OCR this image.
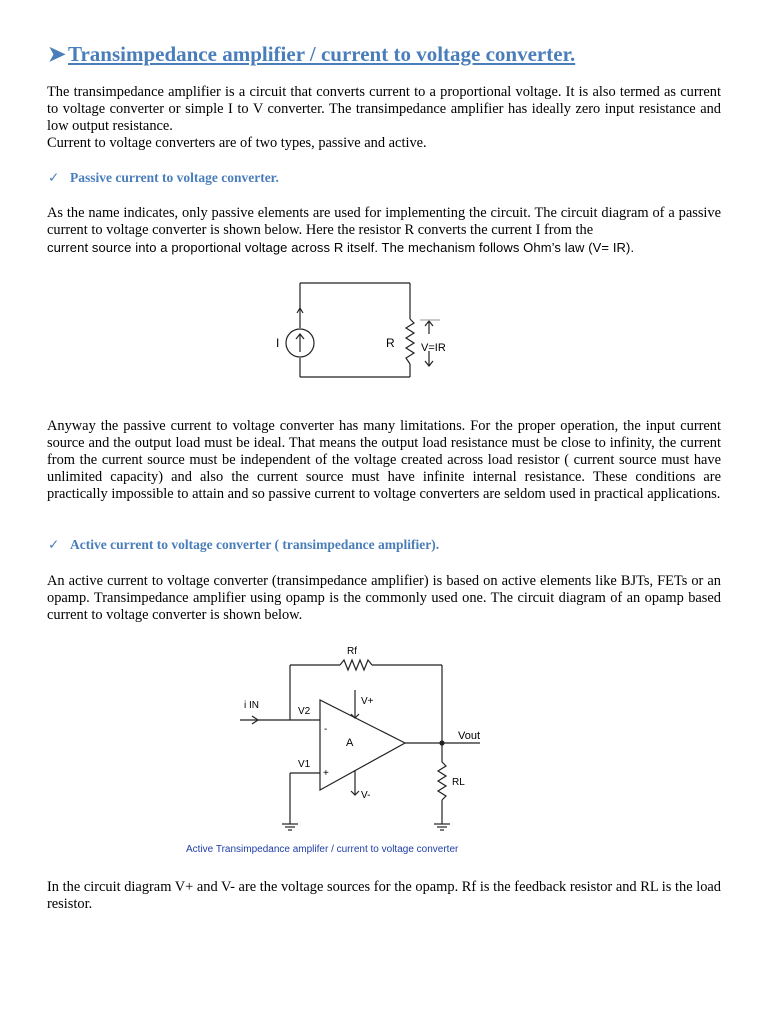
➤ Transimpedance amplifier / current to voltage converter.
The transimpedance amplifier is a circuit that converts current to a proportional voltage. It is also termed as current to voltage converter or simple I to V converter. The transimpedance amplifier has ideally zero input resistance and low output resistance.
Current to voltage converters are of two types, passive and active.
✓ Passive current to voltage converter.
As the name indicates, only passive elements are used for implementing the circuit. The circuit diagram of a passive current to voltage converter is shown below. Here the resistor R converts the current I from the
current source into a proportional voltage across R itself. The mechanism follows Ohm’s law (V= IR).
I	R V=IR
Anyway the passive current to voltage converter has many limitations. For the proper operation, the input current source and the output load must be ideal. That means the output load resistance must be close to infinity, the current from the current source must be independent of the voltage created across load resistor ( current source must have unlimited capacity) and also the current source must have infinite internal resistance. These conditions are practically impossible to attain and so passive current to voltage converters are seldom used in practical applications.
✓ Active current to voltage converter ( transimpedance amplifier).
An active current to voltage converter (transimpedance amplifier) is based on active elements like BJTs, FETs or an opamp. Transimpedance amplifier using opamp is the commonly used one. The circuit diagram of an opamp based current to voltage converter is shown below.
Rf
i IN
V2
-
V1
+
V+
V-
A
Vout
RL
Active Transimpedance amplifer / current to voltage converter
In the circuit diagram V+ and V- are the voltage sources for the opamp. Rf is the feedback resistor and RL is the load resistor.
